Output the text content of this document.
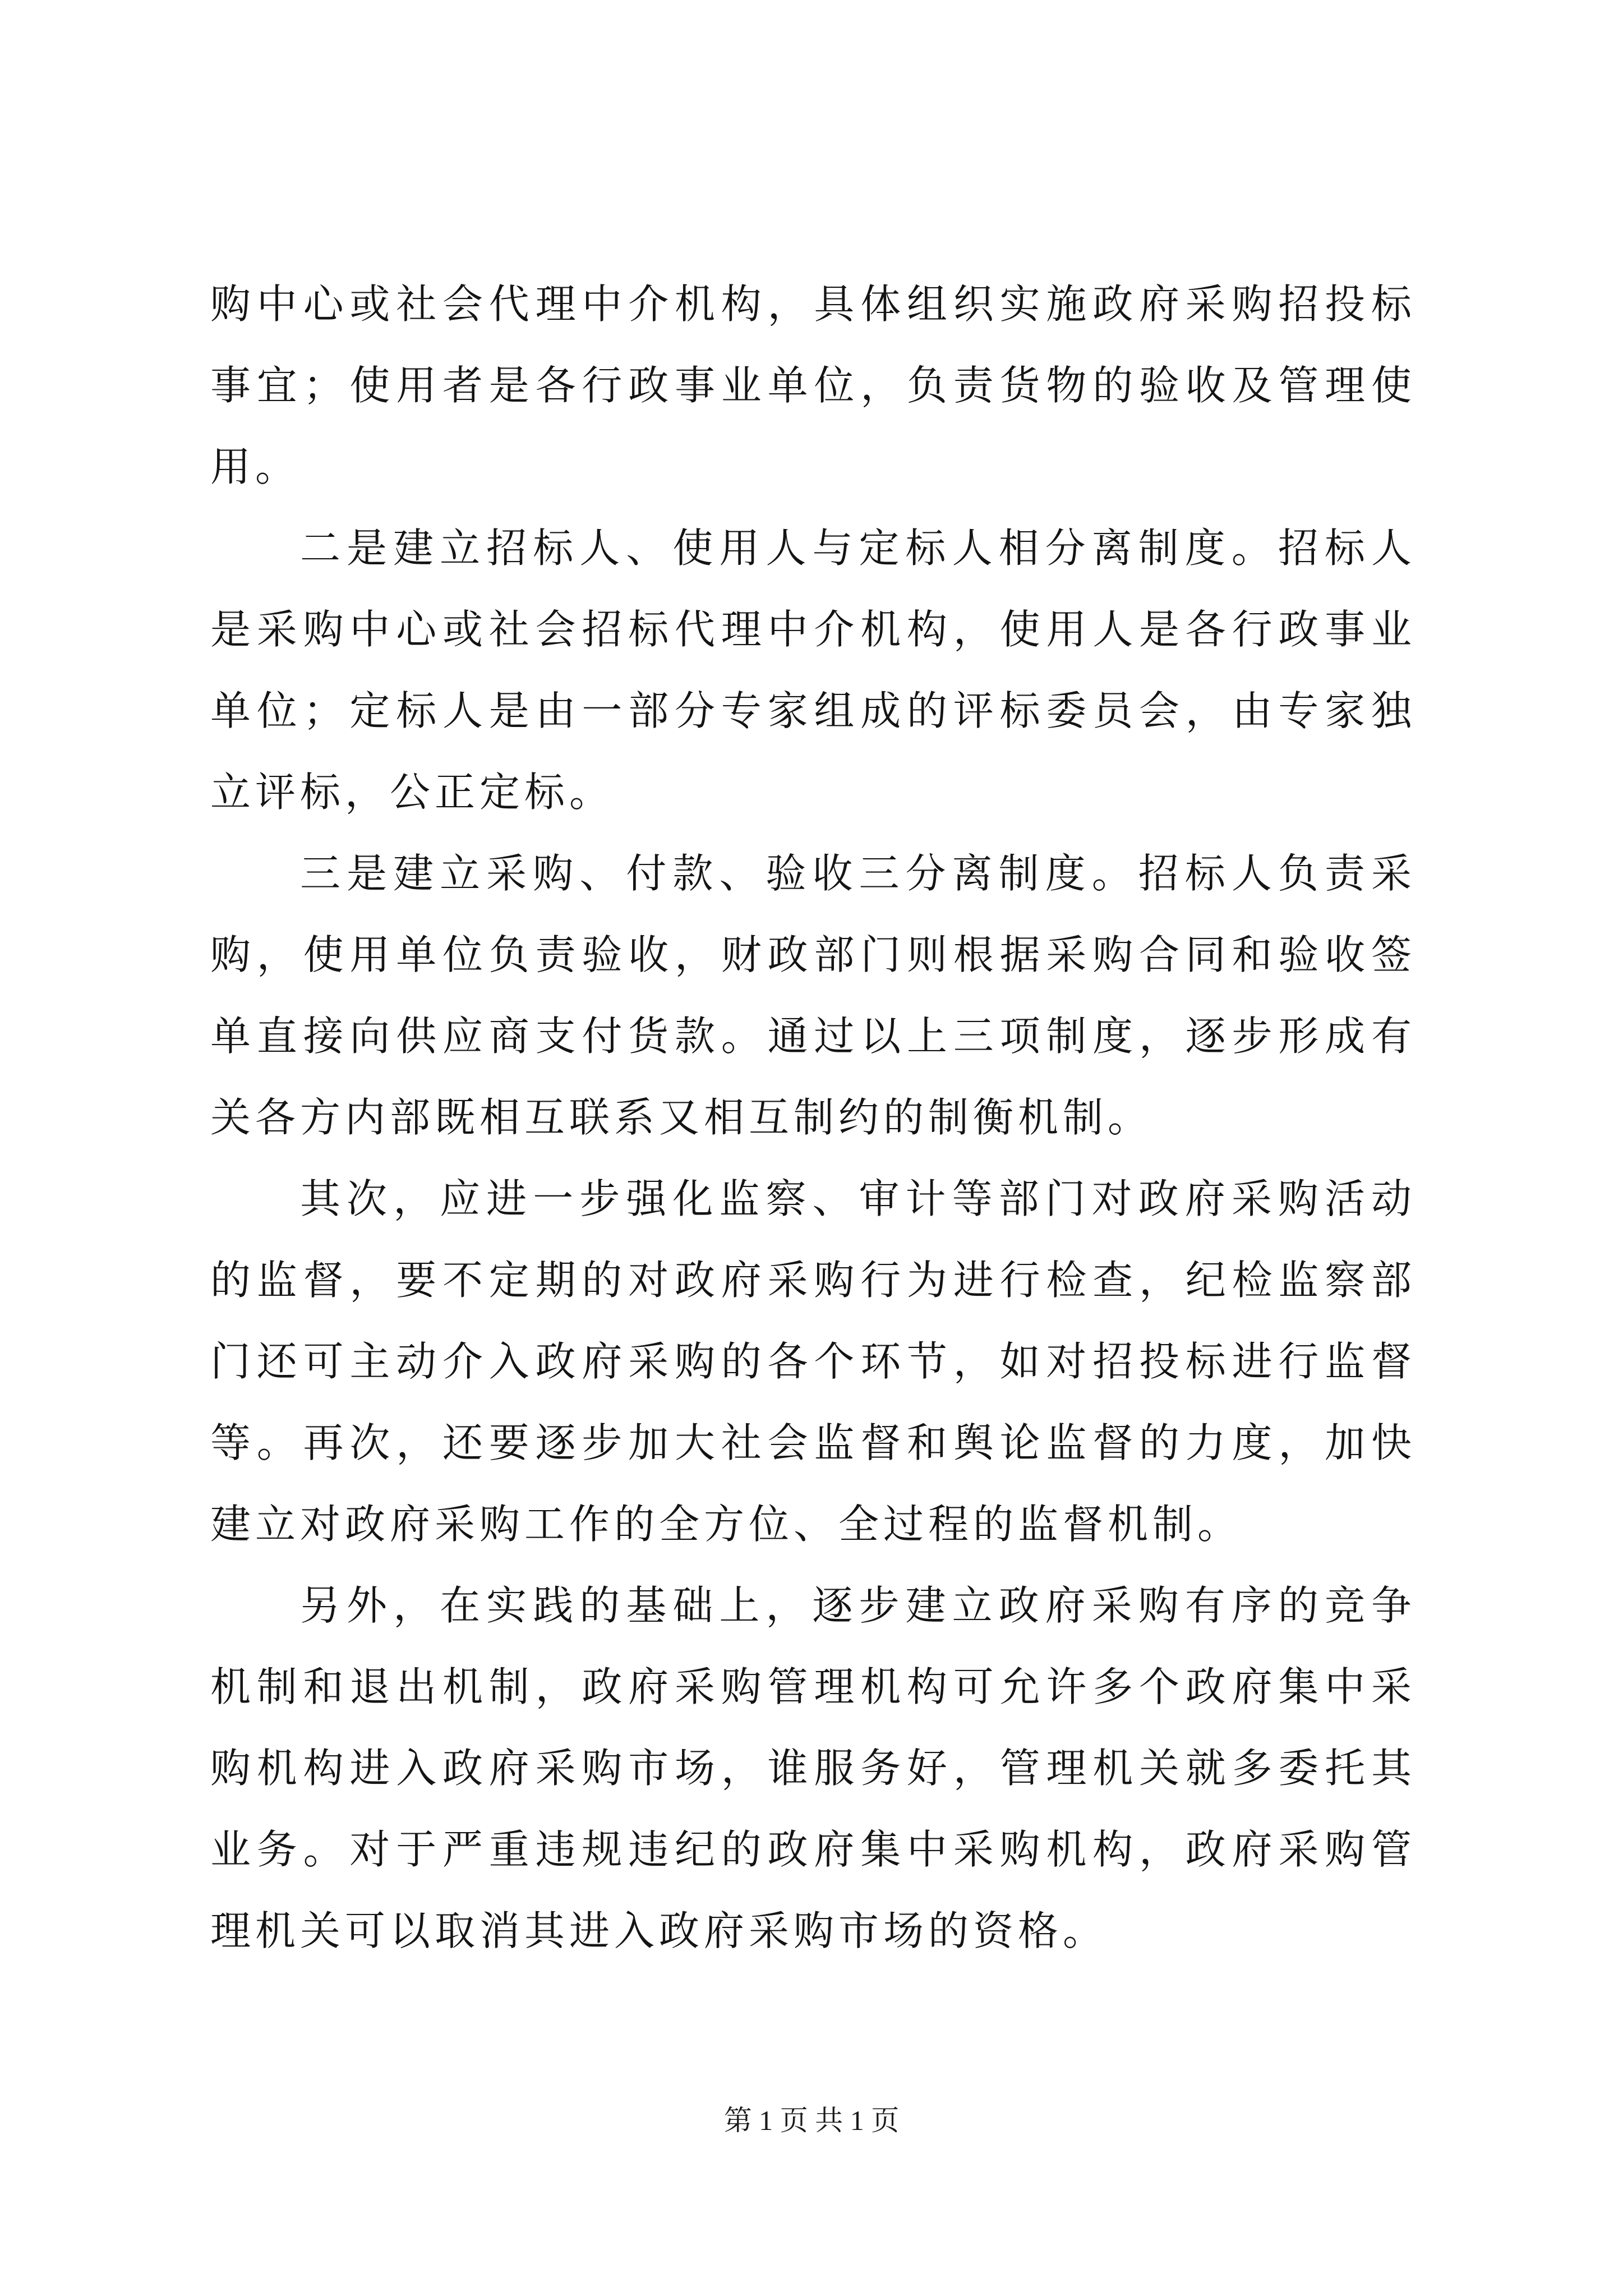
购中心或社会代理中介机构，具体组织实施政府采购招投标事宜；使用者是各行政事业单位，负责货物的验收及管理使用。

二是建立招标人、使用人与定标人相分离制度。招标人是采购中心或社会招标代理中介机构，使用人是各行政事业单位；定标人是由一部分专家组成的评标委员会，由专家独立评标，公正定标。

三是建立采购、付款、验收三分离制度。招标人负责采购，使用单位负责验收，财政部门则根据采购合同和验收签单直接向供应商支付货款。通过以上三项制度，逐步形成有关各方内部既相互联系又相互制约的制衡机制。

其次，应进一步强化监察、审计等部门对政府采购活动的监督，要不定期的对政府采购行为进行检查，纪检监察部门还可主动介入政府采购的各个环节，如对招投标进行监督等。再次，还要逐步加大社会监督和舆论监督的力度，加快建立对政府采购工作的全方位、全过程的监督机制。

另外，在实践的基础上，逐步建立政府采购有序的竞争机制和退出机制，政府采购管理机构可允许多个政府集中采购机构进入政府采购市场，谁服务好，管理机关就多委托其业务。对于严重违规违纪的政府集中采购机构，政府采购管理机关可以取消其进入政府采购市场的资格。

第 1 页 共 1 页
